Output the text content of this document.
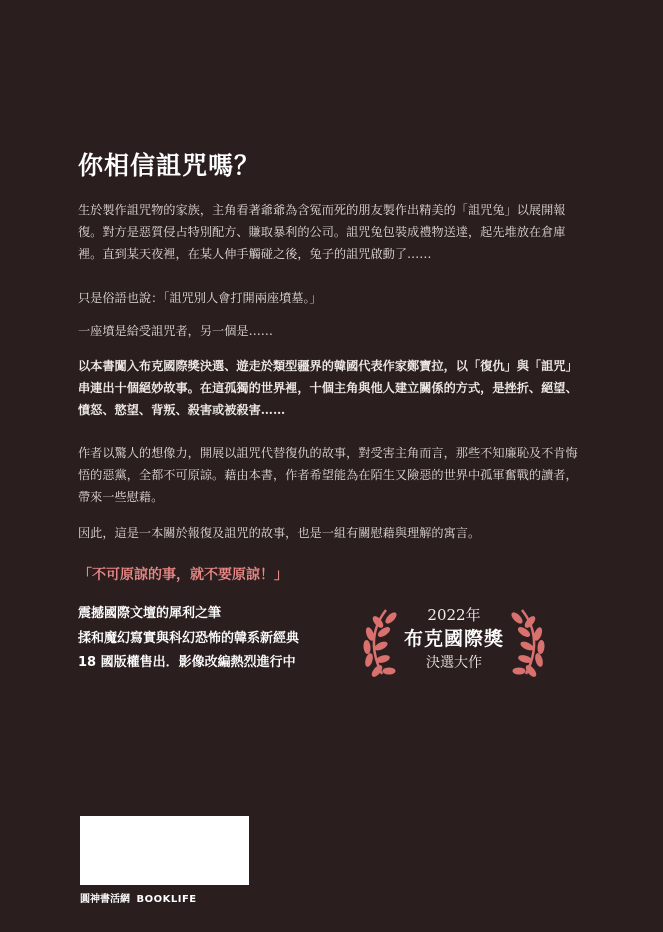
你相信詛咒嗎？

生於製作詛咒物的家族，主角看著爺爺為含冤而死的朋友製作出精美的「詛咒兔」以展開報復。對方是惡質侵占特別配方、賺取暴利的公司。詛咒兔包裝成禮物送達，起先堆放在倉庫裡。直到某天夜裡，在某人伸手觸碰之後，兔子的詛咒啟動了……

只是俗語也說：「詛咒別人會打開兩座墳墓。」

一座墳是給受詛咒者，另一個是……

以本書闖入布克國際獎決選、遊走於類型疆界的韓國代表作家鄭寶拉，以「復仇」與「詛咒」串連出十個絕妙故事。在這孤獨的世界裡，十個主角與他人建立關係的方式，是挫折、絕望、憤怒、慾望、背叛、殺害或被殺害……

作者以驚人的想像力，開展以詛咒代替復仇的故事，對受害主角而言，那些不知廉恥及不肯悔悟的惡黨，全都不可原諒。藉由本書，作者希望能為在陌生又險惡的世界中孤軍奮戰的讀者，帶來一些慰藉。

因此，這是一本關於報復及詛咒的故事，也是一組有關慰藉與理解的寓言。

「不可原諒的事，就不要原諒！」

震撼國際文壇的犀利之筆
揉和魔幻寫實與科幻恐怖的韓系新經典
18 國版權售出．影像改編熱烈進行中
2022年
布克國際獎
決選大作
圓神書活網 BOOKLIFE
